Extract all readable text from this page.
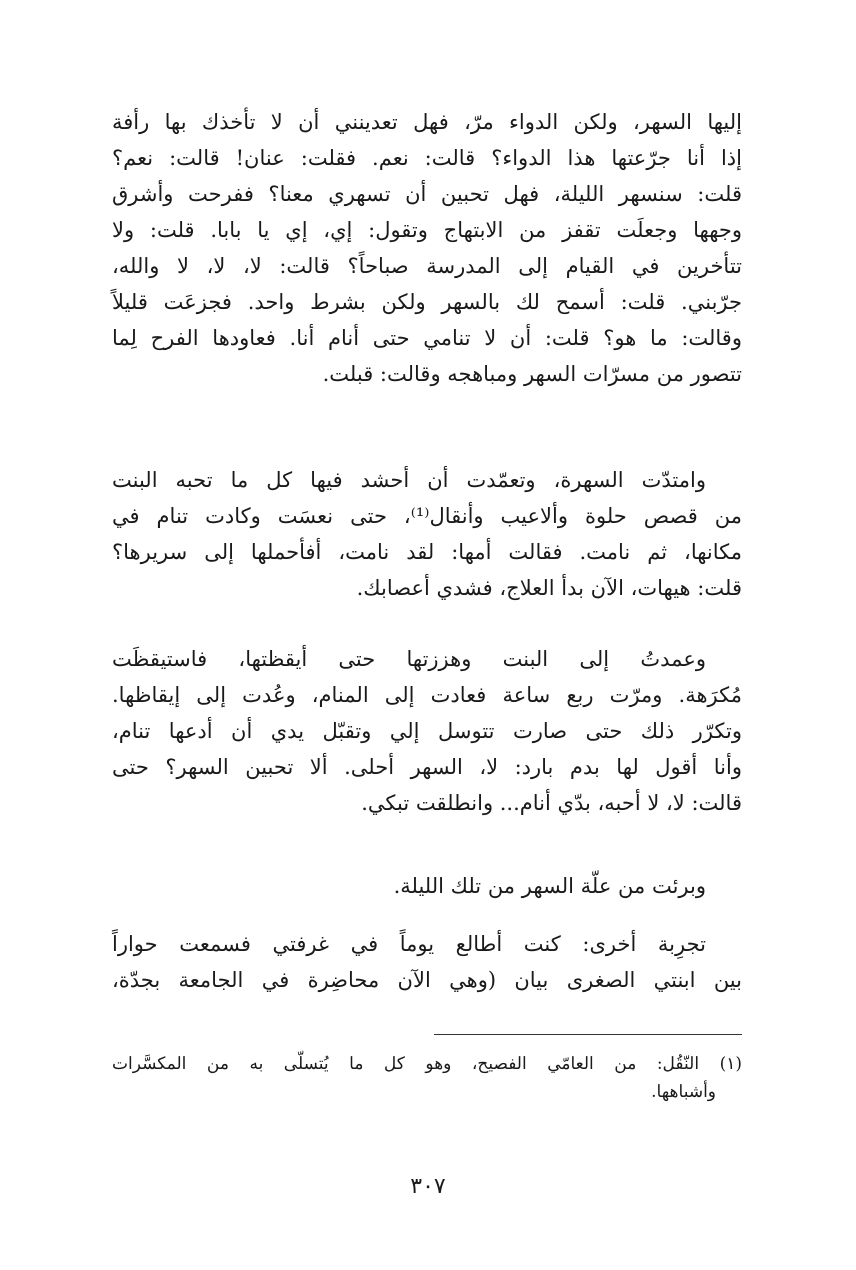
إليها السهر، ولكن الدواء مرّ، فهل تعدينني أن لا تأخذك بها رأفة
إذا أنا جرّعتها هذا الدواء؟ قالت: نعم. فقلت: عنان! قالت: نعم؟
قلت: سنسهر الليلة، فهل تحبين أن تسهري معنا؟ ففرحت وأشرق
وجهها وجعلَت تقفز من الابتهاج وتقول: إي، إي يا بابا. قلت: ولا
تتأخرين في القيام إلى المدرسة صباحاً؟ قالت: لا، لا، لا والله،
جرّبني. قلت: أسمح لك بالسهر ولكن بشرط واحد. فجزعَت قليلاً
وقالت: ما هو؟ قلت: أن لا تنامي حتى أنام أنا. فعاودها الفرح لِما
تتصور من مسرّات السهر ومباهجه وقالت: قبلت.
وامتدّت السهرة، وتعمّدت أن أحشد فيها كل ما تحبه البنت
من قصص حلوة وألاعيب وأنقال⁽¹⁾، حتى نعسَت وكادت تنام في
مكانها، ثم نامت. فقالت أمها: لقد نامت، أفأحملها إلى سريرها؟
قلت: هيهات، الآن بدأ العلاج، فشدي أعصابك.
وعمدتُ إلى البنت وهززتها حتى أيقظتها، فاستيقظَت
مُكرَهة. ومرّت ربع ساعة فعادت إلى المنام، وعُدت إلى إيقاظها.
وتكرّر ذلك حتى صارت تتوسل إلي وتقبّل يدي أن أدعها تنام،
وأنا أقول لها بدم بارد: لا، السهر أحلى. ألا تحبين السهر؟ حتى
قالت: لا، لا أحبه، بدّي أنام... وانطلقت تبكي.
وبرئت من علّة السهر من تلك الليلة.
تجرِبة أخرى: كنت أطالع يوماً في غرفتي فسمعت حواراً
بين ابنتي الصغرى بيان (وهي الآن محاضِرة في الجامعة بجدّة،
(١) النّقُل: من العامّي الفصيح، وهو كل ما يُتسلّى به من المكسَّرات
وأشباهها.
٣٠٧
